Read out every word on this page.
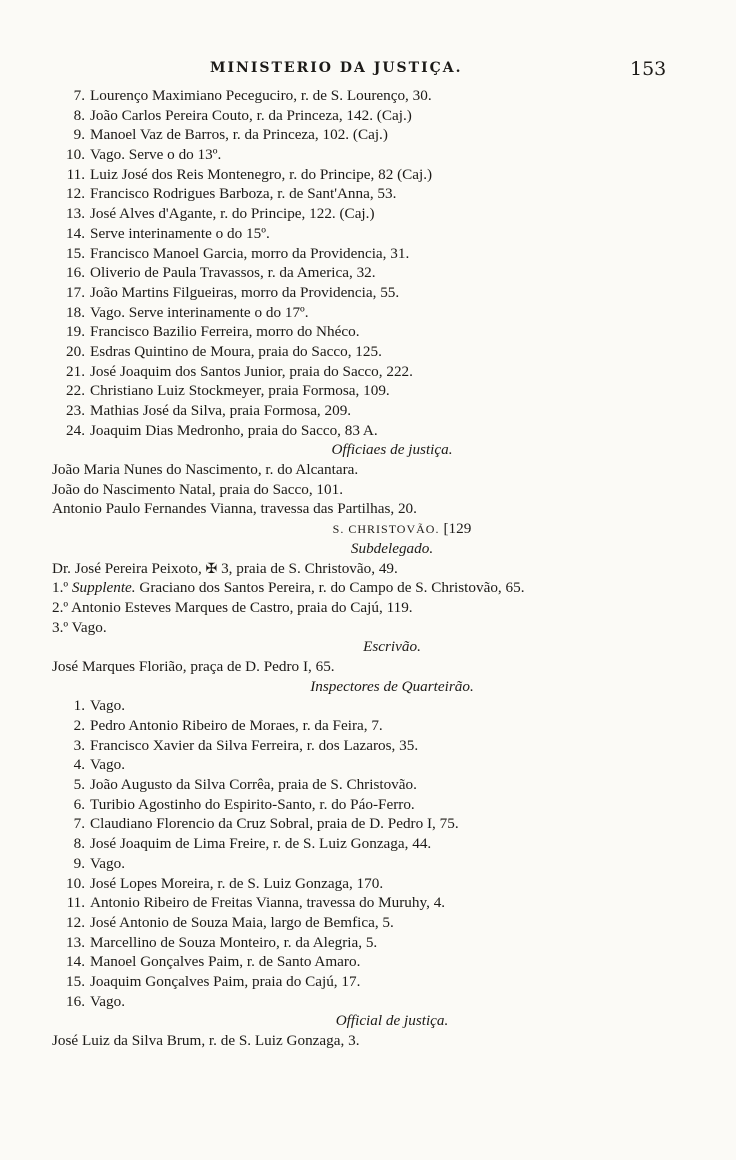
MINISTERIO DA JUSTIÇA.	153
7. Lourenço Maximiano Peceguciro, r. de S. Lourenço, 30.
8. João Carlos Pereira Couto, r. da Princeza, 142. (Caj.)
9. Manoel Vaz de Barros, r. da Princeza, 102. (Caj.)
10. Vago. Serve o do 13º.
11. Luiz José dos Reis Montenegro, r. do Principe, 82 (Caj.)
12. Francisco Rodrigues Barboza, r. de Sant'Anna, 53.
13. José Alves d'Agante, r. do Principe, 122. (Caj.)
14. Serve interinamente o do 15º.
15. Francisco Manoel Garcia, morro da Providencia, 31.
16. Oliverio de Paula Travassos, r. da America, 32.
17. João Martins Filgueiras, morro da Providencia, 55.
18. Vago. Serve interinamente o do 17º.
19. Francisco Bazilio Ferreira, morro do Nhéco.
20. Esdras Quintino de Moura, praia do Sacco, 125.
21. José Joaquim dos Santos Junior, praia do Sacco, 222.
22. Christiano Luiz Stockmeyer, praia Formosa, 109.
23. Mathias José da Silva, praia Formosa, 209.
24. Joaquim Dias Medronho, praia do Sacco, 83 A.
Officiaes de justiça.
João Maria Nunes do Nascimento, r. do Alcantara.
João do Nascimento Natal, praia do Sacco, 101.
Antonio Paulo Fernandes Vianna, travessa das Partilhas, 20.
S. CHRISTOVÃO. [129
Subdelegado.
Dr. José Pereira Peixoto, ✠ 3, praia de S. Christovão, 49.
1.º Supplente. Graciano dos Santos Pereira, r. do Campo de S. Christovão, 65.
2.º Antonio Esteves Marques de Castro, praia do Cajú, 119.
3.º Vago.
Escrivão.
José Marques Florião, praça de D. Pedro I, 65.
Inspectores de Quarteirão.
1. Vago.
2. Pedro Antonio Ribeiro de Moraes, r. da Feira, 7.
3. Francisco Xavier da Silva Ferreira, r. dos Lazaros, 35.
4. Vago.
5. João Augusto da Silva Corrêa, praia de S. Christovão.
6. Turibio Agostinho do Espirito-Santo, r. do Páo-Ferro.
7. Claudiano Florencio da Cruz Sobral, praia de D. Pedro I, 75.
8. José Joaquim de Lima Freire, r. de S. Luiz Gonzaga, 44.
9. Vago.
10. José Lopes Moreira, r. de S. Luiz Gonzaga, 170.
11. Antonio Ribeiro de Freitas Vianna, travessa do Muruhy, 4.
12. José Antonio de Souza Maia, largo de Bemfica, 5.
13. Marcellino de Souza Monteiro, r. da Alegria, 5.
14. Manoel Gonçalves Paim, r. de Santo Amaro.
15. Joaquim Gonçalves Paim, praia do Cajú, 17.
16. Vago.
Official de justiça.
José Luiz da Silva Brum, r. de S. Luiz Gonzaga, 3.
